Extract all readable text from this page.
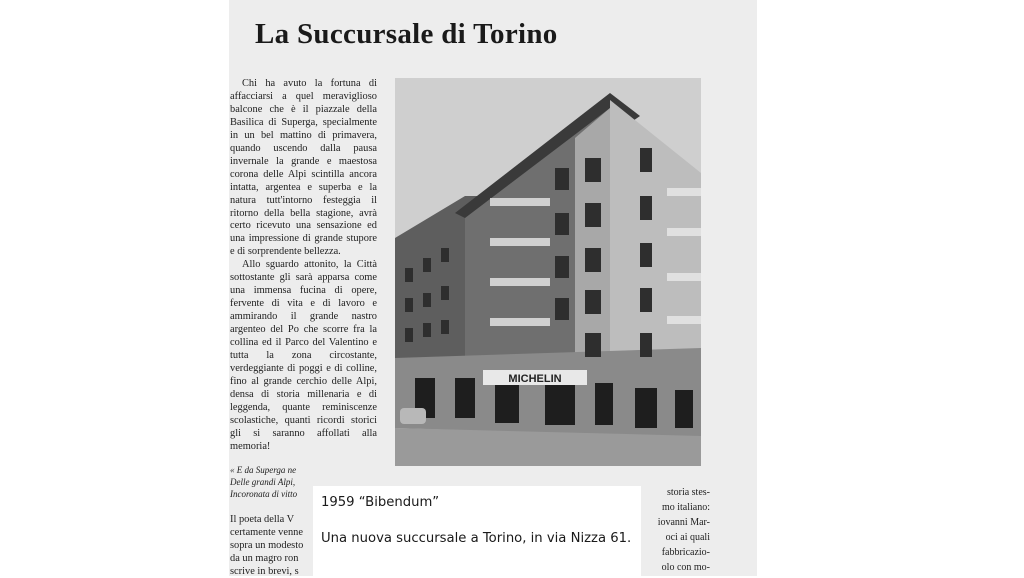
La Succursale di Torino

Chi ha avuto la fortuna di affacciarsi a quel meraviglioso balcone che è il piazzale della Basilica di Superga, specialmente in un bel mattino di primavera, quando uscendo dalla pausa invernale la grande e maestosa corona delle Alpi scintilla ancora intatta, argentea e superba e la natura tutt'intorno festeggia il ritorno della bella stagione, avrà certo ricevuto una sensazione ed una impressione di grande stupore e di sorprendente bellezza.

Allo sguardo attonito, la Città sottostante gli sarà apparsa come una immensa fucina di opere, fervente di vita e di lavoro e ammirando il grande nastro argenteo del Po che scorre fra la collina ed il Parco del Valentino e tutta la zona circostante, verdeggiante di poggi e di colline, fino al grande cerchio delle Alpi, densa di storia millenaria e di leggenda, quante reminiscenze scolastiche, quanti ricordi storici gli si saranno affollati alla memoria!

« E da Superga ne
Delle grandi Alpi,
Incoronata di vitto
Il poeta della V
certamente venne
sopra un modesto
da un magro ron
scrive in brevi, s
storia stes-
mo italiano:
iovanni Mar-
oci ai quali
fabbricazio-
olo con mo-
MICHELIN
1959 “Bibendum”
Una nuova succursale a Torino, in via Nizza 61.
